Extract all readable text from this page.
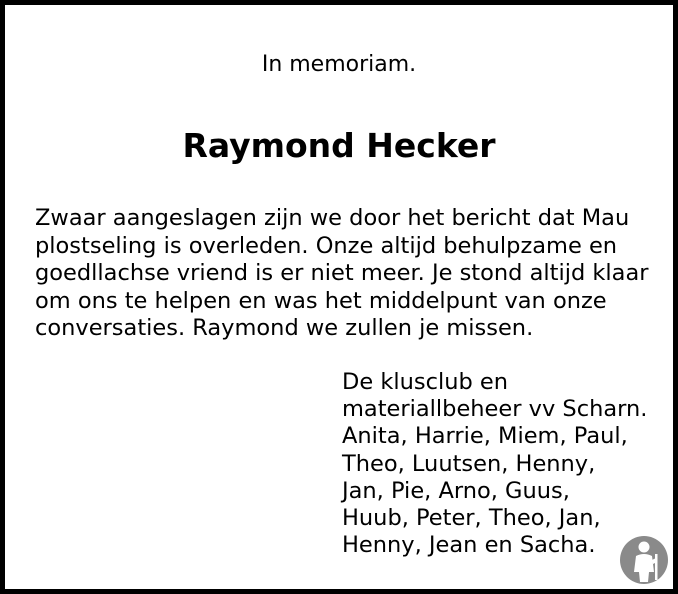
In memoriam.
Raymond Hecker
Zwaar aangeslagen zijn we door het bericht dat Mau
plostseling is overleden. Onze altijd behulpzame en
goedllachse vriend is er niet meer. Je stond altijd klaar
om ons te helpen en was het middelpunt van onze
conversaties. Raymond we zullen je missen.
De klusclub en
materiallbeheer vv Scharn.
Anita, Harrie, Miem, Paul,
Theo, Luutsen, Henny,
Jan, Pie, Arno, Guus,
Huub, Peter, Theo, Jan,
Henny, Jean en Sacha.
